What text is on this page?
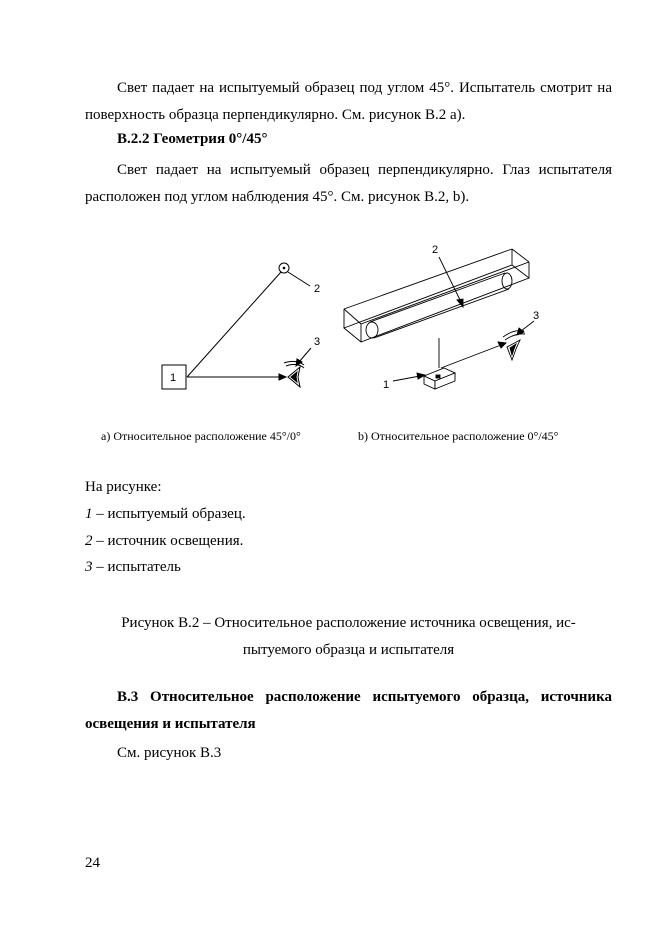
Свет падает на испытуемый образец под углом 45°. Испытатель смотрит на поверхность образца перпендикулярно. См. рисунок В.2 а).

В.2.2 Геометрия 0°/45°

Свет падает на испытуемый образец перпендикулярно. Глаз испытателя расположен под углом наблюдения 45°. См. рисунок В.2, b).

1
2
3
1
2
3
a) Относительное расположение 45°/0°	b) Относительное расположение 0°/45°
На рисунке:
1 – испытуемый образец.
2 – источник освещения.
3 – испытатель
Рисунок В.2 – Относительное расположение источника освещения, ис-
пытуемого образца и испытателя
В.3 Относительное расположение испытуемого образца, источника
освещения и испытателя
См. рисунок В.3
24
